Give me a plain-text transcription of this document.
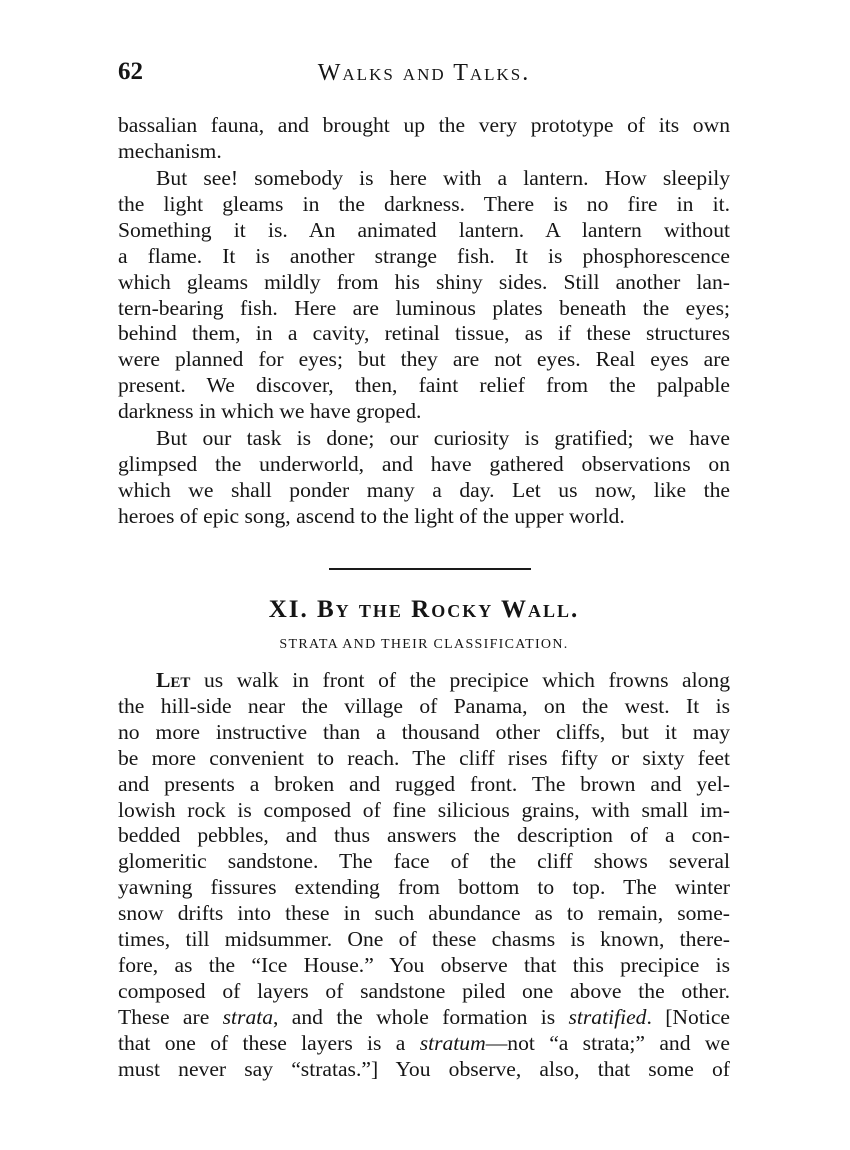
62	Walks and Talks.
bassalian fauna, and brought up the very prototype of its own
mechanism.
But see! somebody is here with a lantern. How sleepily
the light gleams in the darkness. There is no fire in it.
Something it is. An animated lantern. A lantern without
a flame. It is another strange fish. It is phosphorescence
which gleams mildly from his shiny sides. Still another lan-
tern-bearing fish. Here are luminous plates beneath the eyes;
behind them, in a cavity, retinal tissue, as if these structures
were planned for eyes; but they are not eyes. Real eyes are
present. We discover, then, faint relief from the palpable
darkness in which we have groped.
But our task is done; our curiosity is gratified; we have
glimpsed the underworld, and have gathered observations on
which we shall ponder many a day. Let us now, like the
heroes of epic song, ascend to the light of the upper world.
XI. By the Rocky Wall.
STRATA AND THEIR CLASSIFICATION.
Let us walk in front of the precipice which frowns along
the hill-side near the village of Panama, on the west. It is
no more instructive than a thousand other cliffs, but it may
be more convenient to reach. The cliff rises fifty or sixty feet
and presents a broken and rugged front. The brown and yel-
lowish rock is composed of fine silicious grains, with small im-
bedded pebbles, and thus answers the description of a con-
glomeritic sandstone. The face of the cliff shows several
yawning fissures extending from bottom to top. The winter
snow drifts into these in such abundance as to remain, some-
times, till midsummer. One of these chasms is known, there-
fore, as the “Ice House.” You observe that this precipice is
composed of layers of sandstone piled one above the other.
These are strata, and the whole formation is stratified. [Notice
that one of these layers is a stratum—not “a strata;” and we
must never say “stratas.”] You observe, also, that some of
